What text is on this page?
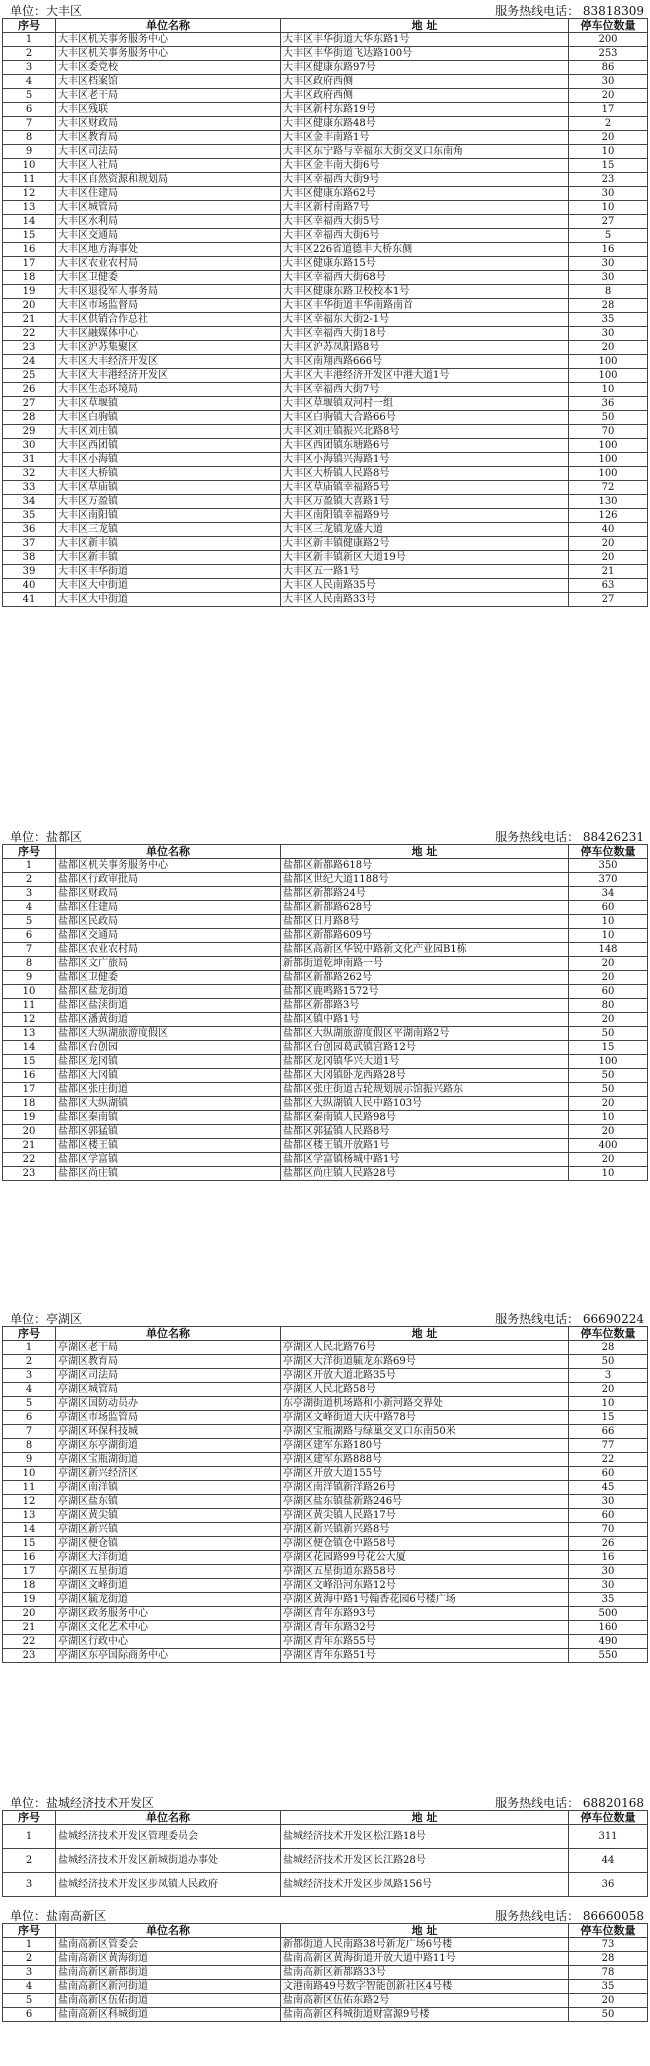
单位：大丰区	服务热线电话： 83818309
序号	单位名称	地 址	停车位数量
1	大丰区机关事务服务中心	大丰区丰华街道大华东路1号	200
2	大丰区机关事务服务中心	大丰区丰华街道飞达路100号	253
3	大丰区委党校	大丰区健康东路97号	86
4	大丰区档案馆	大丰区政府西侧	30
5	大丰区老干局	大丰区政府西侧	20
6	大丰区残联	大丰区新村东路19号	17
7	大丰区财政局	大丰区健康东路48号	2
8	大丰区教育局	大丰区金丰南路1号	20
9	大丰区司法局	大丰区东宁路与幸福东大街交叉口东南角	10
10	大丰区人社局	大丰区金丰南大街6号	15
11	大丰区自然资源和规划局	大丰区幸福西大街9号	23
12	大丰区住建局	大丰区健康东路62号	30
13	大丰区城管局	大丰区新村南路7号	10
14	大丰区水利局	大丰区幸福西大街5号	27
15	大丰区交通局	大丰区幸福西大街6号	5
16	大丰区地方海事处	大丰区226省道德丰大桥东侧	16
17	大丰区农业农村局	大丰区健康东路15号	30
18	大丰区卫健委	大丰区幸福西大街68号	30
19	大丰区退役军人事务局	大丰区健康东路卫校校本1号	8
20	大丰区市场监督局	大丰区丰华街道丰华南路南首	28
21	大丰区供销合作总社	大丰区幸福东大街2-1号	35
22	大丰区融媒体中心	大丰区幸福西大街18号	30
23	大丰区沪苏集聚区	大丰区沪苏凤阳路8号	20
24	大丰区大丰经济开发区	大丰区南翔西路666号	100
25	大丰区大丰港经济开发区	大丰区大丰港经济开发区中港大道1号	100
26	大丰区生态环境局	大丰区幸福西大街7号	10
27	大丰区草堰镇	大丰区草堰镇双河村一组	36
28	大丰区白驹镇	大丰区白驹镇大合路66号	50
29	大丰区刘庄镇	大丰区刘庄镇振兴北路8号	70
30	大丰区西团镇	大丰区西团镇东塘路6号	100
31	大丰区小海镇	大丰区小海镇兴海路1号	100
32	大丰区大桥镇	大丰区大桥镇人民路8号	100
33	大丰区草庙镇	大丰区草庙镇幸福路5号	72
34	大丰区万盈镇	大丰区万盈镇大喜路1号	130
35	大丰区南阳镇	大丰区南阳镇幸福路9号	126
36	大丰区三龙镇	大丰区三龙镇龙盛大道	40
37	大丰区新丰镇	大丰区新丰镇健康路2号	20
38	大丰区新丰镇	大丰区新丰镇新区大道19号	20
39	大丰区丰华街道	大丰区五一路1号	21
40	大丰区大中街道	大丰区人民南路35号	63
41	大丰区大中街道	大丰区人民南路33号	27
单位：盐都区	服务热线电话： 88426231
序号	单位名称	地 址	停车位数量
1	盐都区机关事务服务中心	盐都区新都路618号	350
2	盐都区行政审批局	盐都区世纪大道1188号	370
3	盐都区财政局	盐都区新都路24号	34
4	盐都区住建局	盐都区新都路628号	60
5	盐都区民政局	盐都区日月路8号	10
6	盐都区交通局	盐都区新都路609号	10
7	盐都区农业农村局	盐都区高新区华锐中路新文化产业园B1栋	148
8	盐都区文广旅局	新都街道乾坤南路一号	20
9	盐都区卫健委	盐都区新都路262号	20
10	盐都区盐龙街道	盐都区鹿鸣路1572号	60
11	盐都区盐渎街道	盐都区新都路3号	80
12	盐都区潘黄街道	盐都区镇中路1号	20
13	盐都区大纵湖旅游度假区	盐都区大纵湖旅游度假区平湖南路2号	50
14	盐都区台创园	盐都区台创园葛武镇宫路12号	15
15	盐都区龙冈镇	盐都区龙冈镇华兴大道1号	100
16	盐都区大冈镇	盐都区大冈镇卧龙西路28号	50
17	盐都区张庄街道	盐都区张庄街道古轮规划展示馆振兴路东	50
18	盐都区大纵湖镇	盐都区大纵湖镇人民中路103号	20
19	盐都区秦南镇	盐都区秦南镇人民路98号	10
20	盐都区郭猛镇	盐都区郭猛镇人民路8号	20
21	盐都区楼王镇	盐都区楼王镇开放路1号	400
22	盐都区学富镇	盐都区学富镇杨城中路1号	20
23	盐都区尚庄镇	盐都区尚庄镇人民路28号	10
单位：亭湖区	服务热线电话： 66690224
序号	单位名称	地 址	停车位数量
1	亭湖区老干局	亭湖区人民北路76号	28
2	亭湖区教育局	亭湖区大洋街道毓龙东路69号	50
3	亭湖区司法局	亭湖区开放大道北路35号	3
4	亭湖区城管局	亭湖区人民北路58号	20
5	亭湖区国防动员办	东亭湖街道机场路和小新河路交界处	10
6	亭湖区市场监管局	亭湖区文峰街道大庆中路78号	15
7	亭湖区环保科技城	亭湖区宝瓶湖路与绿巢交叉口东南50米	66
8	亭湖区东亭湖街道	亭湖区建军东路180号	77
9	亭湖区宝瓶湖街道	亭湖区建军东路888号	22
10	亭湖区新兴经济区	亭湖区开放大道155号	60
11	亭湖区南洋镇	亭湖区南洋镇新洋路26号	45
12	亭湖区盐东镇	亭湖区盐东镇盐新路246号	30
13	亭湖区黄尖镇	亭湖区黄尖镇人民路17号	60
14	亭湖区新兴镇	亭湖区新兴镇新兴路8号	70
15	亭湖区便仓镇	亭湖区便仓镇仓中路58号	26
16	亭湖区大洋街道	亭湖区花园路99号花公大厦	16
17	亭湖区五星街道	亭湖区五星街道东路58号	30
18	亭湖区文峰街道	亭湖区文峰沿河东路12号	30
19	亭湖区毓龙街道	亭湖区黄海中路1号翰香花园6号楼广场	35
20	亭湖区政务服务中心	亭湖区青年东路93号	500
21	亭湖区文化艺术中心	亭湖区青年东路32号	160
22	亭湖区行政中心	亭湖区青年东路55号	490
23	亭湖区东亭国际商务中心	亭湖区青年东路51号	550
单位：盐城经济技术开发区	服务热线电话： 68820168
序号	单位名称	地 址	停车位数量
1	盐城经济技术开发区管理委员会	盐城经济技术开发区松江路18号	311
2	盐城经济技术开发区新城街道办事处	盐城经济技术开发区长江路28号	44
3	盐城经济技术开发区步凤镇人民政府	盐城经济技术开发区步凤路156号	36
单位：盐南高新区	服务热线电话： 86660058
序号	单位名称	地 址	停车位数量
1	盐南高新区管委会	新都街道人民南路38号新龙广场6号楼	73
2	盐南高新区黄海街道	盐南高新区黄海街道开放大道中路11号	28
3	盐南高新区新都街道	盐南高新区新都路33号	78
4	盐南高新区新河街道	文港南路49号数字智能创新社区4号楼	35
5	盐南高新区伍佑街道	盐南高新区伍佑东路2号	20
6	盐南高新区科城街道	盐南高新区科城街道财富源9号楼	50
